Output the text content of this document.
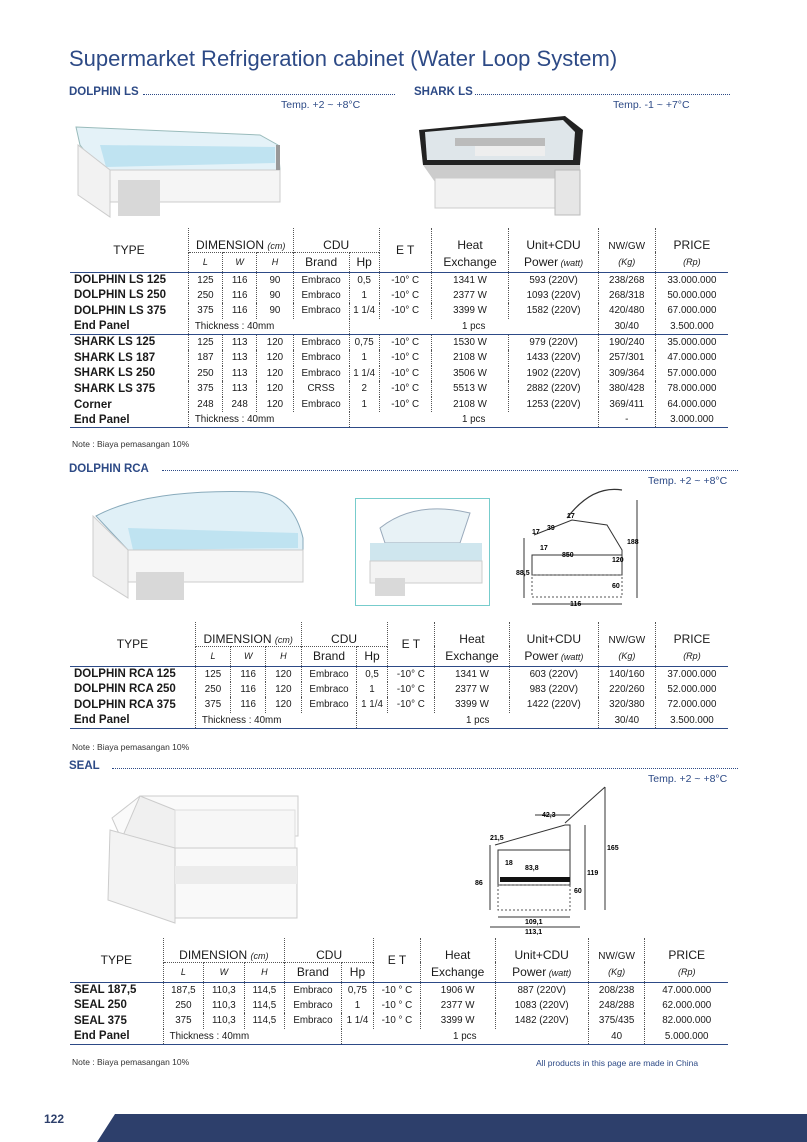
Supermarket Refrigeration cabinet (Water Loop System)
DOLPHIN LS	SHARK LS
Temp. +2 ~ +8°C	Temp. -1 ~ +7°C
TYPE	DIMENSION (cm)			CDU		E T	Heat	Unit+CDU	NW/GW	PRICE
	L	W	H	Brand	Hp		Exchange	Power (watt)	(Kg)	(Rp)
DOLPHIN LS 125	125	116	90	Embraco	0,5	-10° C	1341 W	593 (220V)	238/268	33.000.000
DOLPHIN LS 250	250	116	90	Embraco	1	-10° C	2377 W	1093 (220V)	268/318	50.000.000
DOLPHIN LS 375	375	116	90	Embraco	1 1/4	-10° C	3399 W	1582 (220V)	420/480	67.000.000
End Panel	Thickness : 40mm				1 pcs				30/40	3.500.000
SHARK LS 125	125	113	120	Embraco	0,75	-10° C	1530 W	979 (220V)	190/240	35.000.000
SHARK LS 187	187	113	120	Embraco	1	-10° C	2108 W	1433 (220V)	257/301	47.000.000
SHARK LS 250	250	113	120	Embraco	1 1/4	-10° C	3506 W	1902 (220V)	309/364	57.000.000
SHARK LS 375	375	113	120	CRSS	2	-10° C	5513 W	2882 (220V)	380/428	78.000.000
Corner	248	248	120	Embraco	1	-10° C	2108 W	1253 (220V)	369/411	64.000.000
End Panel	Thickness : 40mm				1 pcs				-	3.000.000
Note : Biaya pemasangan 10%
DOLPHIN RCA
Temp. +2 ~ +8°C
17
17
39
17
850
88,5
120
60
116
188
TYPE	DIMENSION (cm)			CDU		E T	Heat	Unit+CDU	NW/GW	PRICE
	L	W	H	Brand	Hp		Exchange	Power (watt)	(Kg)	(Rp)
DOLPHIN RCA 125	125	116	120	Embraco	0,5	-10° C	1341 W	603 (220V)	140/160	37.000.000
DOLPHIN RCA 250	250	116	120	Embraco	1	-10° C	2377 W	983 (220V)	220/260	52.000.000
DOLPHIN RCA 375	375	116	120	Embraco	1 1/4	-10° C	3399 W	1422 (220V)	320/380	72.000.000
End Panel	Thickness : 40mm				1 pcs				30/40	3.500.000
Note : Biaya pemasangan 10%
SEAL
Temp. +2 ~ +8°C
42,3
21,5
18
83,8
86
60
119
165
109,1
113,1
TYPE	DIMENSION (cm)			CDU		E T	Heat	Unit+CDU	NW/GW	PRICE
	L	W	H	Brand	Hp		Exchange	Power (watt)	(Kg)	(Rp)
SEAL 187,5	187,5	110,3	114,5	Embraco	0,75	-10 ° C	1906 W	887 (220V)	208/238	47.000.000
SEAL 250	250	110,3	114,5	Embraco	1	-10 ° C	2377 W	1083 (220V)	248/288	62.000.000
SEAL 375	375	110,3	114,5	Embraco	1 1/4	-10 ° C	3399 W	1482 (220V)	375/435	82.000.000
End Panel	Thickness : 40mm				1 pcs				40	5.000.000
Note : Biaya pemasangan 10%	All products in this page are made in China
122
